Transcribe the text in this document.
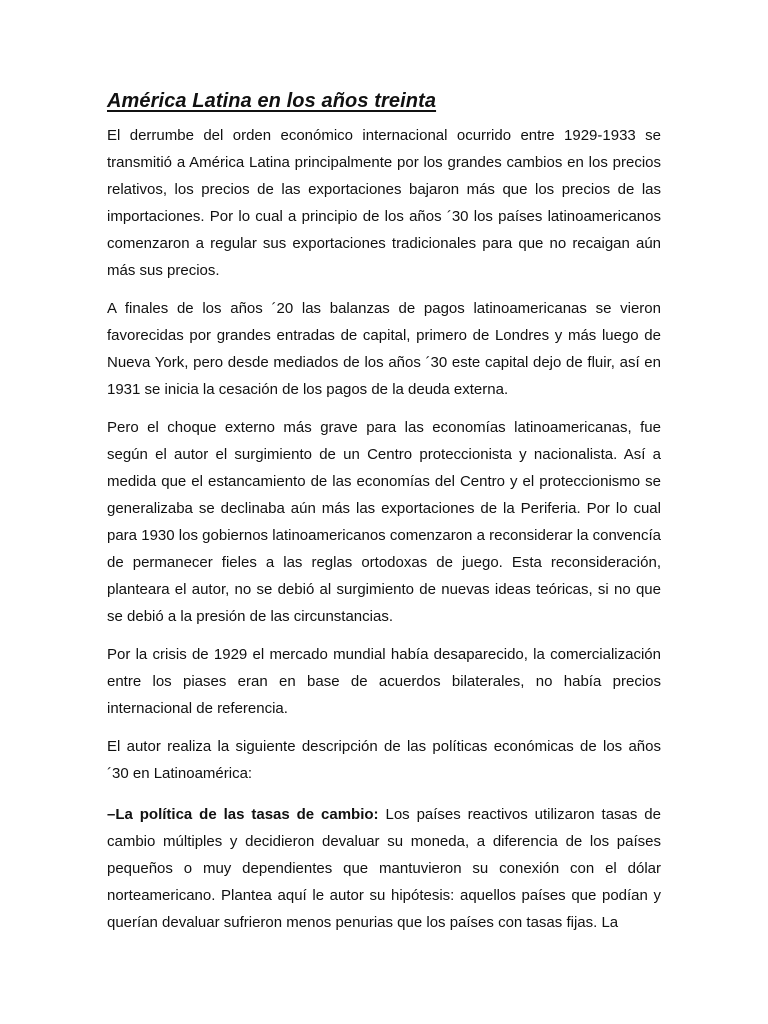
América Latina en los años treinta

El derrumbe del orden económico internacional ocurrido entre 1929-1933 se transmitió a América Latina principalmente por los grandes cambios en los precios relativos, los precios de las exportaciones bajaron más que los precios de las importaciones. Por lo cual a principio de los años ´30 los países latinoamericanos comenzaron a regular sus exportaciones tradicionales para que no recaigan aún más sus precios.

A finales de los años ´20 las balanzas de pagos latinoamericanas se vieron favorecidas por grandes entradas de capital, primero de Londres y más luego de Nueva York, pero desde mediados de los años ´30 este capital dejo de fluir, así en 1931 se inicia la cesación de los pagos de la deuda externa.

Pero el choque externo más grave para las economías latinoamericanas, fue según el autor el surgimiento de un Centro proteccionista y nacionalista. Así a medida que el estancamiento de las economías del Centro y el proteccionismo se generalizaba se declinaba aún más las exportaciones de la Periferia. Por lo cual para 1930 los gobiernos latinoamericanos comenzaron a reconsiderar la convencía de permanecer fieles a las reglas ortodoxas de juego. Esta reconsideración, planteara el autor, no se debió al surgimiento de nuevas ideas teóricas, si no que se debió a la presión de las circunstancias.

Por la crisis de 1929 el mercado mundial había desaparecido, la comercialización entre los piases eran en base de acuerdos bilaterales, no había precios internacional de referencia.

El autor realiza la siguiente descripción de las políticas económicas de los años ´30 en Latinoamérica:

–La política de las tasas de cambio: Los países reactivos utilizaron tasas de cambio múltiples y decidieron devaluar su moneda, a diferencia de los países pequeños o muy dependientes que mantuvieron su conexión con el dólar norteamericano. Plantea aquí le autor su hipótesis: aquellos países que podían y querían devaluar sufrieron menos penurias que los países con tasas fijas. La
